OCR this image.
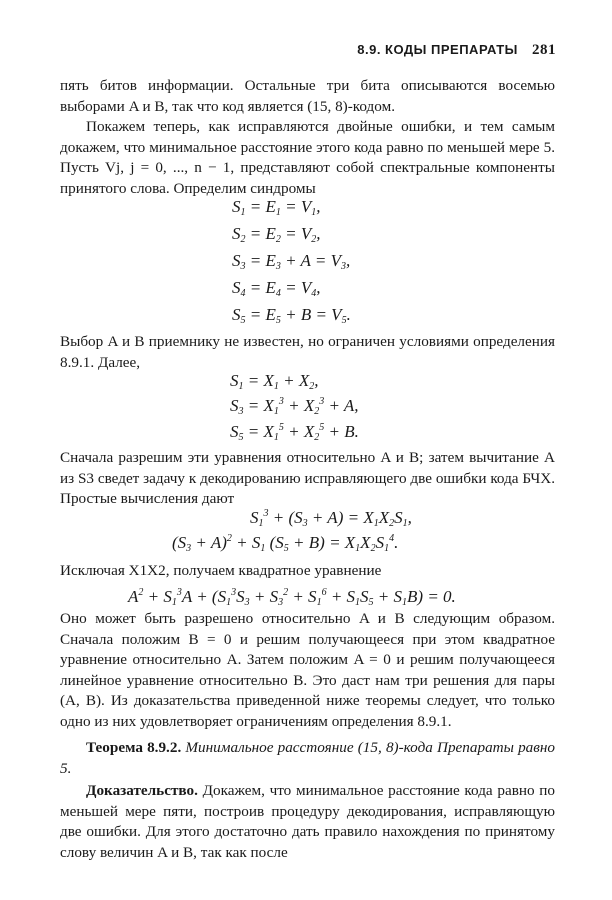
8.9. КОДЫ ПРЕПАРАТЫ 281
пять битов информации. Остальные три бита описываются восемью выборами A и B, так что код является (15, 8)-кодом.
Покажем теперь, как исправляются двойные ошибки, и тем самым докажем, что минимальное расстояние этого кода равно по меньшей мере 5. Пусть Vj, j = 0, ..., n − 1, представляют собой спектральные компоненты принятого слова. Определим синдромы
$S_1 = E_1 = V_1$,
$S_2 = E_2 = V_2$,
$S_3 = E_3 + A = V_3$,
$S_4 = E_4 = V_4$,
$S_5 = E_5 + B = V_5$.
Выбор A и B приемнику не известен, но ограничен условиями определения 8.9.1. Далее,
$S_1 = X_1 + X_2$,
$S_3 = X_1^3 + X_2^3 + A$,
$S_5 = X_1^5 + X_2^5 + B$.
Сначала разрешим эти уравнения относительно A и B; затем вычитание A из S3 сведет задачу к декодированию исправляющего две ошибки кода БЧХ. Простые вычисления дают
$S_1^3 + (S_3 + A) = X_1X_2S_1$,
$(S_3 + A)^2 + S_1$ $(S_5 + B) = X_1X_2S_1^4$.
Исключая X1X2, получаем квадратное уравнение
$A^2 + S_1^3A + (S_1^3S_3 + S_3^2 + S_1^6 + S_1S_5 + S_1B) = 0$.
Оно может быть разрешено относительно A и B следующим образом. Сначала положим B = 0 и решим получающееся при этом квадратное уравнение относительно A. Затем положим A = 0 и решим получающееся линейное уравнение относительно B. Это даст нам три решения для пары (A, B). Из доказательства приведенной ниже теоремы следует, что только одно из них удовлетворяет ограничениям определения 8.9.1.
Теорема 8.9.2. Минимальное расстояние (15, 8)-кода Препараты равно 5.
Доказательство. Докажем, что минимальное расстояние кода равно по меньшей мере пяти, построив процедуру декодирования, исправляющую две ошибки. Для этого достаточно дать правило нахождения по принятому слову величин A и B, так как после
